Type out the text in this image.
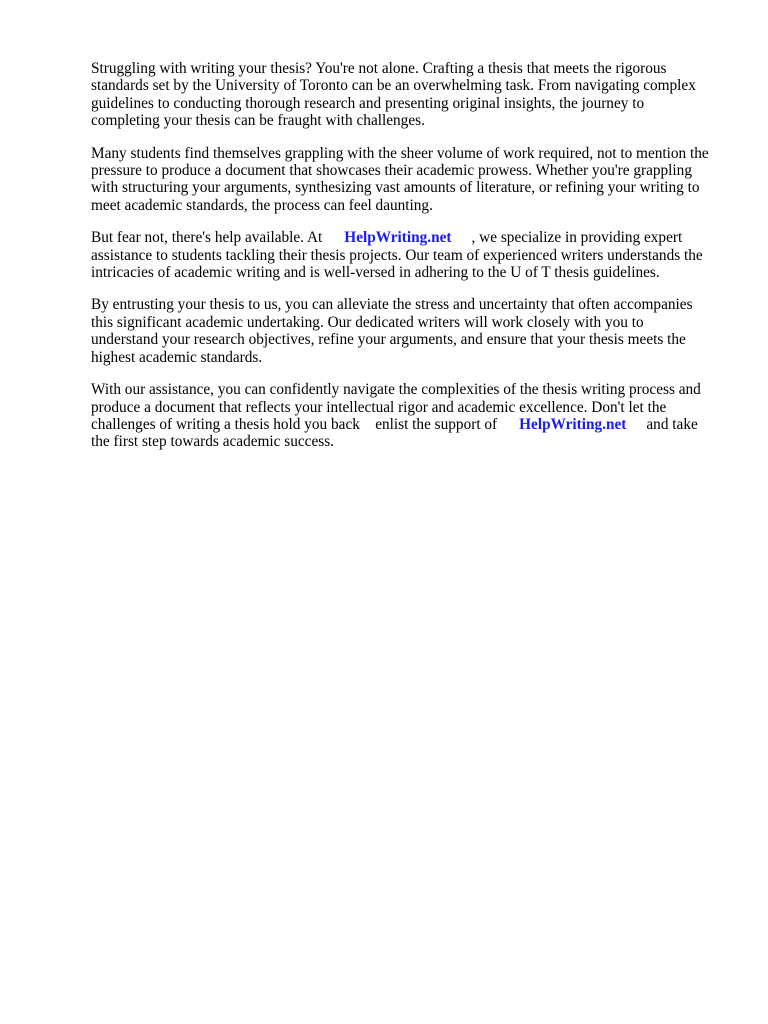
Struggling with writing your thesis? You're not alone. Crafting a thesis that meets the rigorous
standards set by the University of Toronto can be an overwhelming task. From navigating complex
guidelines to conducting thorough research and presenting original insights, the journey to
completing your thesis can be fraught with challenges.

Many students find themselves grappling with the sheer volume of work required, not to mention the
pressure to produce a document that showcases their academic prowess. Whether you're grappling
with structuring your arguments, synthesizing vast amounts of literature, or refining your writing to
meet academic standards, the process can feel daunting.

But fear not, there's help available. At HelpWriting.net , we specialize in providing expert
assistance to students tackling their thesis projects. Our team of experienced writers understands the
intricacies of academic writing and is well-versed in adhering to the U of T thesis guidelines.

By entrusting your thesis to us, you can alleviate the stress and uncertainty that often accompanies
this significant academic undertaking. Our dedicated writers will work closely with you to
understand your research objectives, refine your arguments, and ensure that your thesis meets the
highest academic standards.

With our assistance, you can confidently navigate the complexities of the thesis writing process and
produce a document that reflects your intellectual rigor and academic excellence. Don't let the
challenges of writing a thesis hold you back    enlist the support of HelpWriting.net and take
the first step towards academic success.
